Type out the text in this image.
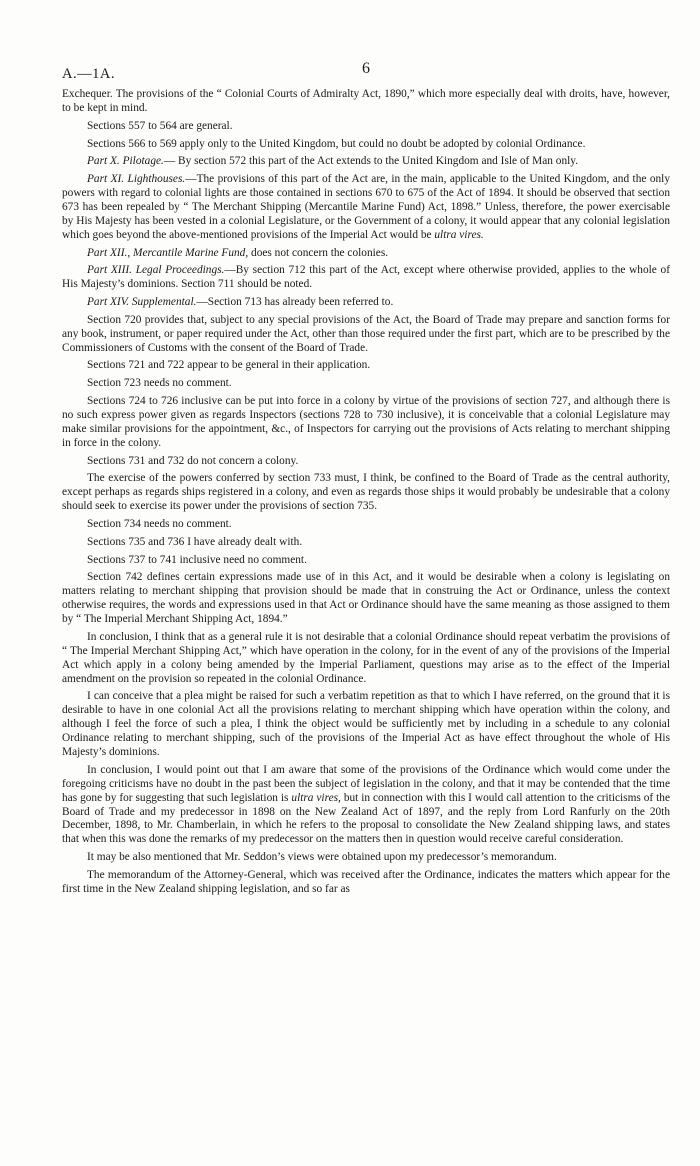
A.—1A.	6

Exchequer. The provisions of the “ Colonial Courts of Admiralty Act, 1890,” which more especially deal with droits, have, however, to be kept in mind.

Sections 557 to 564 are general.

Sections 566 to 569 apply only to the United Kingdom, but could no doubt be adopted by colonial Ordinance.

Part X. Pilotage.— By section 572 this part of the Act extends to the United Kingdom and Isle of Man only.

Part XI. Lighthouses.—The provisions of this part of the Act are, in the main, applicable to the United Kingdom, and the only powers with regard to colonial lights are those contained in sections 670 to 675 of the Act of 1894. It should be observed that section 673 has been repealed by “ The Merchant Shipping (Mercantile Marine Fund) Act, 1898.” Unless, therefore, the power exercisable by His Majesty has been vested in a colonial Legislature, or the Government of a colony, it would appear that any colonial legislation which goes beyond the above-mentioned provisions of the Imperial Act would be ultra vires.

Part XII., Mercantile Marine Fund, does not concern the colonies.

Part XIII. Legal Proceedings.—By section 712 this part of the Act, except where otherwise provided, applies to the whole of His Majesty’s dominions. Section 711 should be noted.

Part XIV. Supplemental.—Section 713 has already been referred to.

Section 720 provides that, subject to any special provisions of the Act, the Board of Trade may prepare and sanction forms for any book, instrument, or paper required under the Act, other than those required under the first part, which are to be prescribed by the Commissioners of Customs with the consent of the Board of Trade.

Sections 721 and 722 appear to be general in their application.

Section 723 needs no comment.

Sections 724 to 726 inclusive can be put into force in a colony by virtue of the provisions of section 727, and although there is no such express power given as regards Inspectors (sections 728 to 730 inclusive), it is conceivable that a colonial Legislature may make similar provisions for the appointment, &c., of Inspectors for carrying out the provisions of Acts relating to merchant shipping in force in the colony.

Sections 731 and 732 do not concern a colony.

The exercise of the powers conferred by section 733 must, I think, be confined to the Board of Trade as the central authority, except perhaps as regards ships registered in a colony, and even as regards those ships it would probably be undesirable that a colony should seek to exercise its power under the provisions of section 735.

Section 734 needs no comment.

Sections 735 and 736 I have already dealt with.

Sections 737 to 741 inclusive need no comment.

Section 742 defines certain expressions made use of in this Act, and it would be desirable when a colony is legislating on matters relating to merchant shipping that provision should be made that in construing the Act or Ordinance, unless the context otherwise requires, the words and expressions used in that Act or Ordinance should have the same meaning as those assigned to them by “ The Imperial Merchant Shipping Act, 1894.”

In conclusion, I think that as a general rule it is not desirable that a colonial Ordinance should repeat verbatim the provisions of “ The Imperial Merchant Shipping Act,” which have operation in the colony, for in the event of any of the provisions of the Imperial Act which apply in a colony being amended by the Imperial Parliament, questions may arise as to the effect of the Imperial amendment on the provision so repeated in the colonial Ordinance.

I can conceive that a plea might be raised for such a verbatim repetition as that to which I have referred, on the ground that it is desirable to have in one colonial Act all the provisions relating to merchant shipping which have operation within the colony, and although I feel the force of such a plea, I think the object would be sufficiently met by including in a schedule to any colonial Ordinance relating to merchant shipping, such of the provisions of the Imperial Act as have effect throughout the whole of His Majesty’s dominions.

In conclusion, I would point out that I am aware that some of the provisions of the Ordinance which would come under the foregoing criticisms have no doubt in the past been the subject of legislation in the colony, and that it may be contended that the time has gone by for suggesting that such legislation is ultra vires, but in connection with this I would call attention to the criticisms of the Board of Trade and my predecessor in 1898 on the New Zealand Act of 1897, and the reply from Lord Ranfurly on the 20th December, 1898, to Mr. Chamberlain, in which he refers to the proposal to consolidate the New Zealand shipping laws, and states that when this was done the remarks of my predecessor on the matters then in question would receive careful consideration.

It may be also mentioned that Mr. Seddon’s views were obtained upon my predecessor’s memorandum.

The memorandum of the Attorney-General, which was received after the Ordinance, indicates the matters which appear for the first time in the New Zealand shipping legislation, and so far as
